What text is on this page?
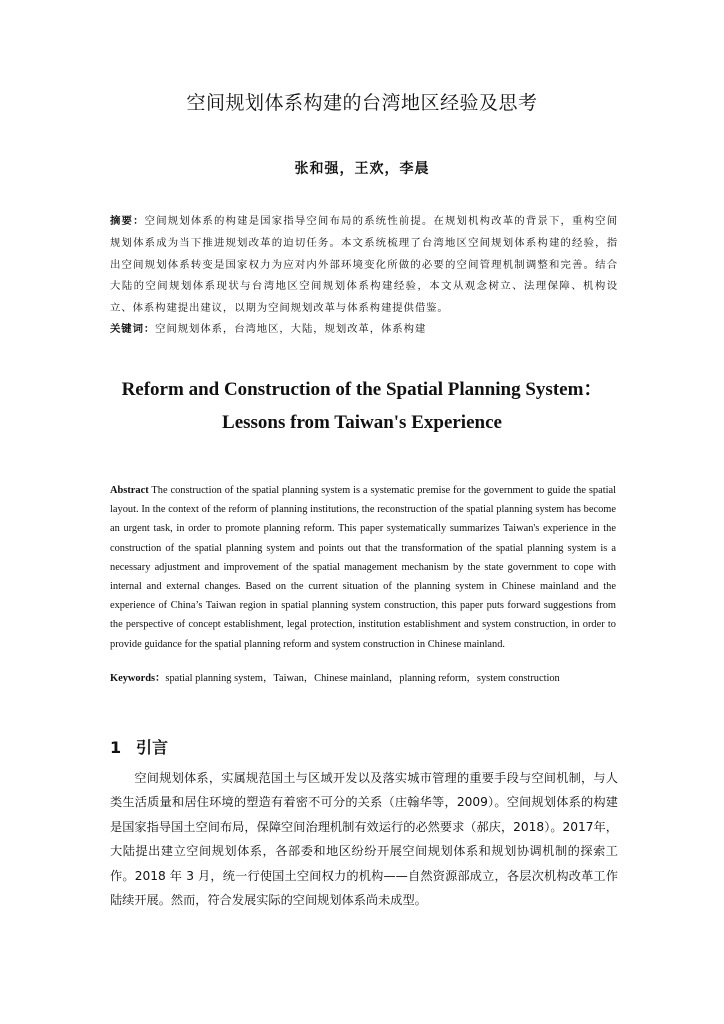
空间规划体系构建的台湾地区经验及思考
张和强，王欢，李晨

摘要：空间规划体系的构建是国家指导空间布局的系统性前提。在规划机构改革的背景下，重构空间规划体系成为当下推进规划改革的迫切任务。本文系统梳理了台湾地区空间规划体系构建的经验，指出空间规划体系转变是国家权力为应对内外部环境变化所做的必要的空间管理机制调整和完善。结合大陆的空间规划体系现状与台湾地区空间规划体系构建经验，本文从观念树立、法理保障、机构设立、体系构建提出建议，以期为空间规划改革与体系构建提供借鉴。

关键词：空间规划体系，台湾地区，大陆，规划改革，体系构建

Reform and Construction of the Spatial Planning System：
Lessons from Taiwan's Experience

Abstract The construction of the spatial planning system is a systematic premise for the government to guide the spatial layout. In the context of the reform of planning institutions, the reconstruction of the spatial planning system has become an urgent task, in order to promote planning reform. This paper systematically summarizes Taiwan's experience in the construction of the spatial planning system and points out that the transformation of the spatial planning system is a necessary adjustment and improvement of the spatial management mechanism by the state government to cope with internal and external changes. Based on the current situation of the planning system in Chinese mainland and the experience of China’s Taiwan region in spatial planning system construction, this paper puts forward suggestions from the perspective of concept establishment, legal protection, institution establishment and system construction, in order to provide guidance for the spatial planning reform and system construction in Chinese mainland.

Keywords：spatial planning system，Taiwan，Chinese mainland，planning reform，system construction

1 引言

空间规划体系，实属规范国土与区域开发以及落实城市管理的重要手段与空间机制，与人类生活质量和居住环境的塑造有着密不可分的关系（庄翰华等，2009）。空间规划体系的构建是国家指导国土空间布局，保障空间治理机制有效运行的必然要求（郝庆，2018）。2017年，大陆提出建立空间规划体系，各部委和地区纷纷开展空间规划体系和规划协调机制的探索工作。2018 年 3 月，统一行使国土空间权力的机构——自然资源部成立，各层次机构改革工作陆续开展。然而，符合发展实际的空间规划体系尚未成型。
